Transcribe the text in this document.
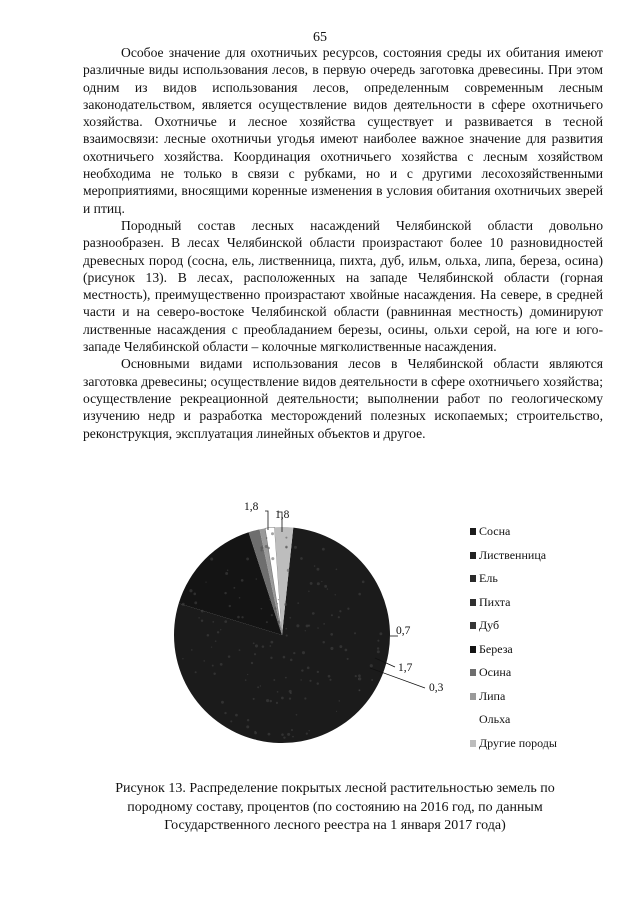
65

Особое значение для охотничьих ресурсов, состояния среды их обитания имеют различные виды использования лесов, в первую очередь заготовка древесины. При этом одним из видов использования лесов, определенным современным лесным законодательством, является осуществление видов деятельности в сфере охотничьего хозяйства. Охотничье и лесное хозяйства существует и развивается в тесной взаимосвязи: лесные охотничьи угодья имеют наиболее важное значение для развития охотничьего хозяйства. Координация охотничьего хозяйства с лесным хозяйством необходима не только в связи с рубками, но и с другими лесохозяйственными мероприятиями, вносящими коренные изменения в условия обитания охотничьих зверей и птиц.

Породный состав лесных насаждений Челябинской области довольно разнообразен. В лесах Челябинской области произрастают более 10 разновидностей древесных пород (сосна, ель, лиственница, пихта, дуб, ильм, ольха, липа, береза, осина) (рисунок 13). В лесах, расположенных на западе Челябинской области (горная местность), преимущественно произрастают хвойные насаждения. На севере, в средней части и на северо-востоке Челябинской области (равнинная местность) доминируют лиственные насаждения с преобладанием березы, осины, ольхи серой, на юге и юго-западе Челябинской области – колочные мягколиственные насаждения.

Основными видами использования лесов в Челябинской области являются заготовка древесины; осуществление видов деятельности в сфере охотничьего хозяйства; осуществление рекреационной деятельности; выполнении работ по геологическому изучению недр и разработка месторождений полезных ископаемых; строительство, реконструкция, эксплуатация линейных объектов и другое.

1,8
1,8
0,7
1,7
0,3
Сосна
Лиственница
Ель
Пихта
Дуб
Береза
Осина
Липа
Ольха
Другие породы
Рисунок 13. Распределение покрытых лесной растительностью земель по породному составу, процентов (по состоянию на 2016 год, по данным Государственного лесного реестра на 1 января 2017 года)
